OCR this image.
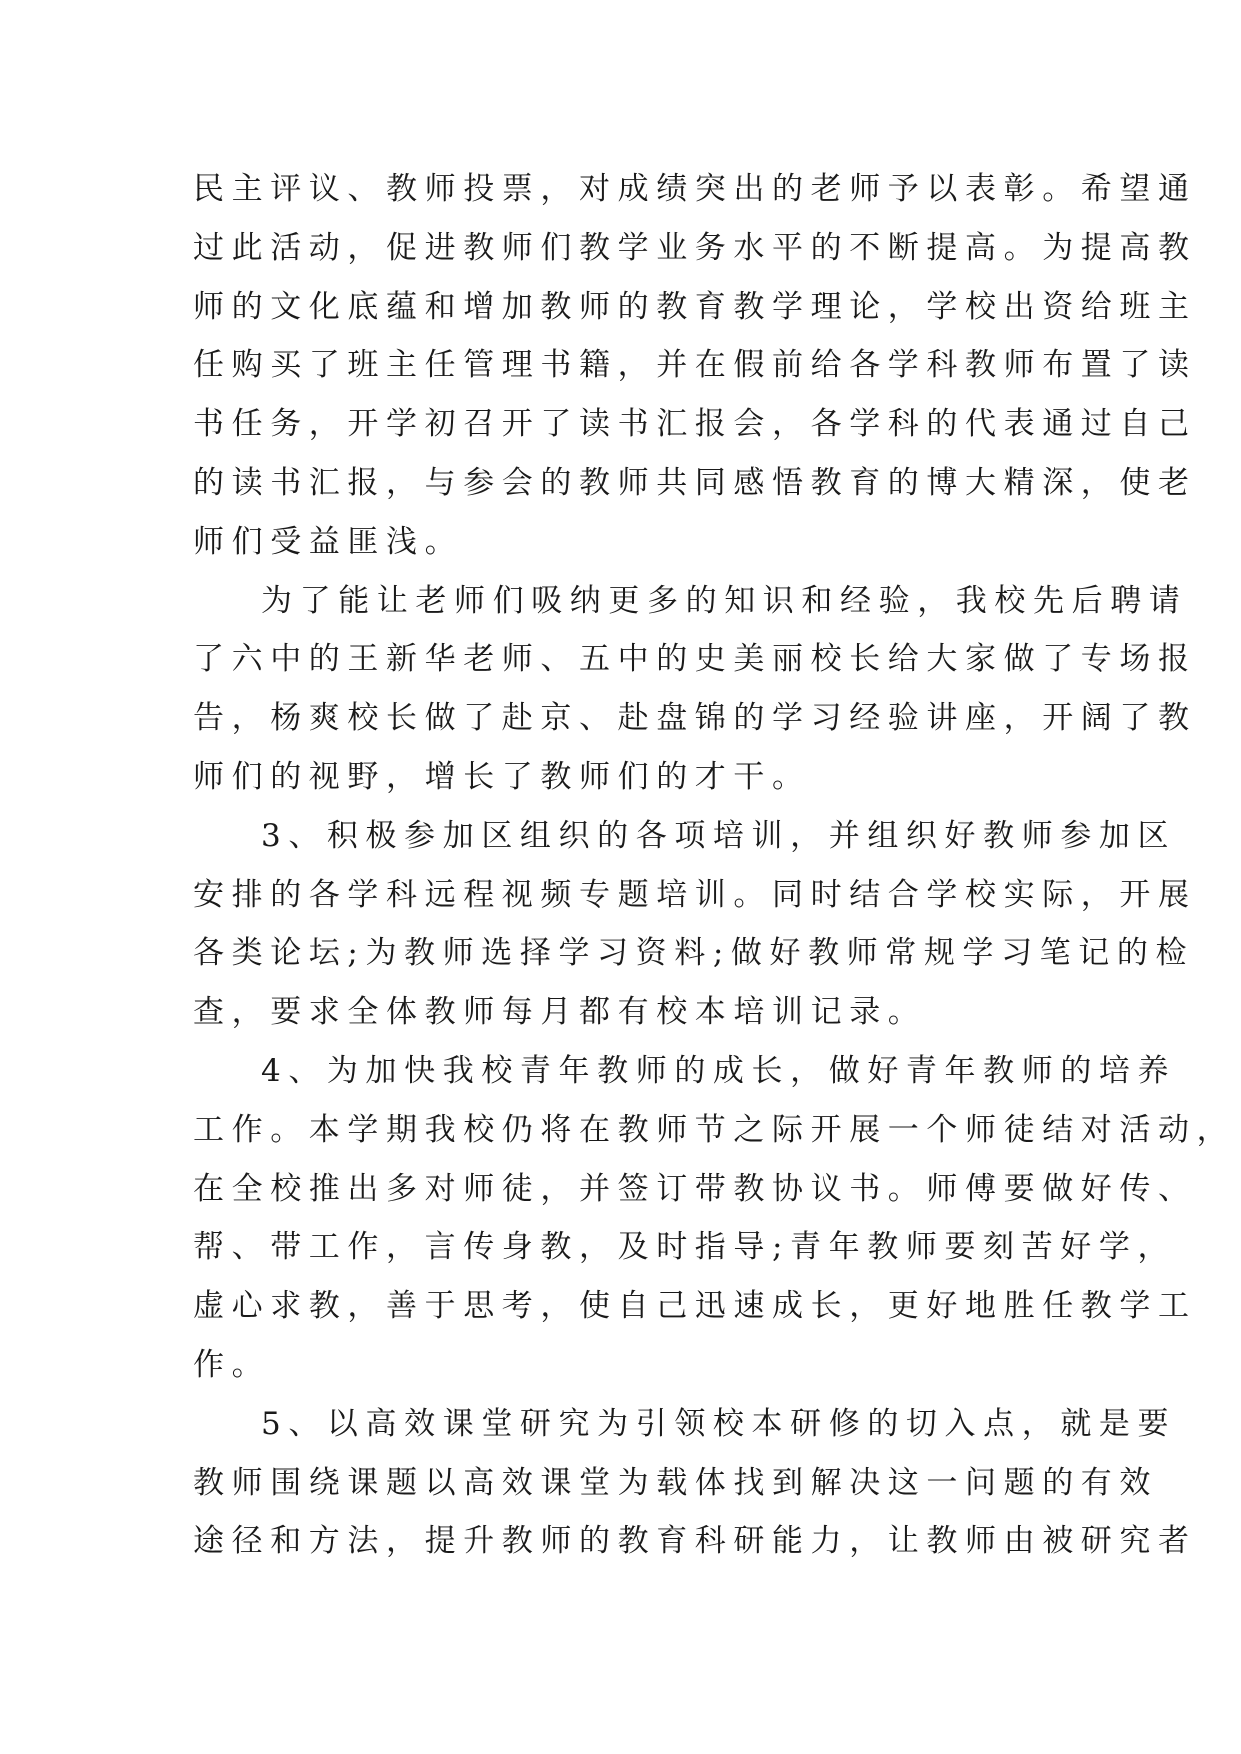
民主评议、教师投票，对成绩突出的老师予以表彰。希望通
过此活动，促进教师们教学业务水平的不断提高。为提高教
师的文化底蕴和增加教师的教育教学理论，学校出资给班主
任购买了班主任管理书籍，并在假前给各学科教师布置了读
书任务，开学初召开了读书汇报会，各学科的代表通过自己
的读书汇报，与参会的教师共同感悟教育的博大精深，使老
师们受益匪浅。
为了能让老师们吸纳更多的知识和经验，我校先后聘请
了六中的王新华老师、五中的史美丽校长给大家做了专场报
告，杨爽校长做了赴京、赴盘锦的学习经验讲座，开阔了教
师们的视野，增长了教师们的才干。
3、积极参加区组织的各项培训，并组织好教师参加区
安排的各学科远程视频专题培训。同时结合学校实际，开展
各类论坛;为教师选择学习资料;做好教师常规学习笔记的检
查，要求全体教师每月都有校本培训记录。
4、为加快我校青年教师的成长，做好青年教师的培养
工作。本学期我校仍将在教师节之际开展一个师徒结对活动，
在全校推出多对师徒，并签订带教协议书。师傅要做好传、
帮、带工作，言传身教，及时指导;青年教师要刻苦好学，
虚心求教，善于思考，使自己迅速成长，更好地胜任教学工
作。
5、以高效课堂研究为引领校本研修的切入点，就是要
教师围绕课题以高效课堂为载体找到解决这一问题的有效
途径和方法，提升教师的教育科研能力，让教师由被研究者
